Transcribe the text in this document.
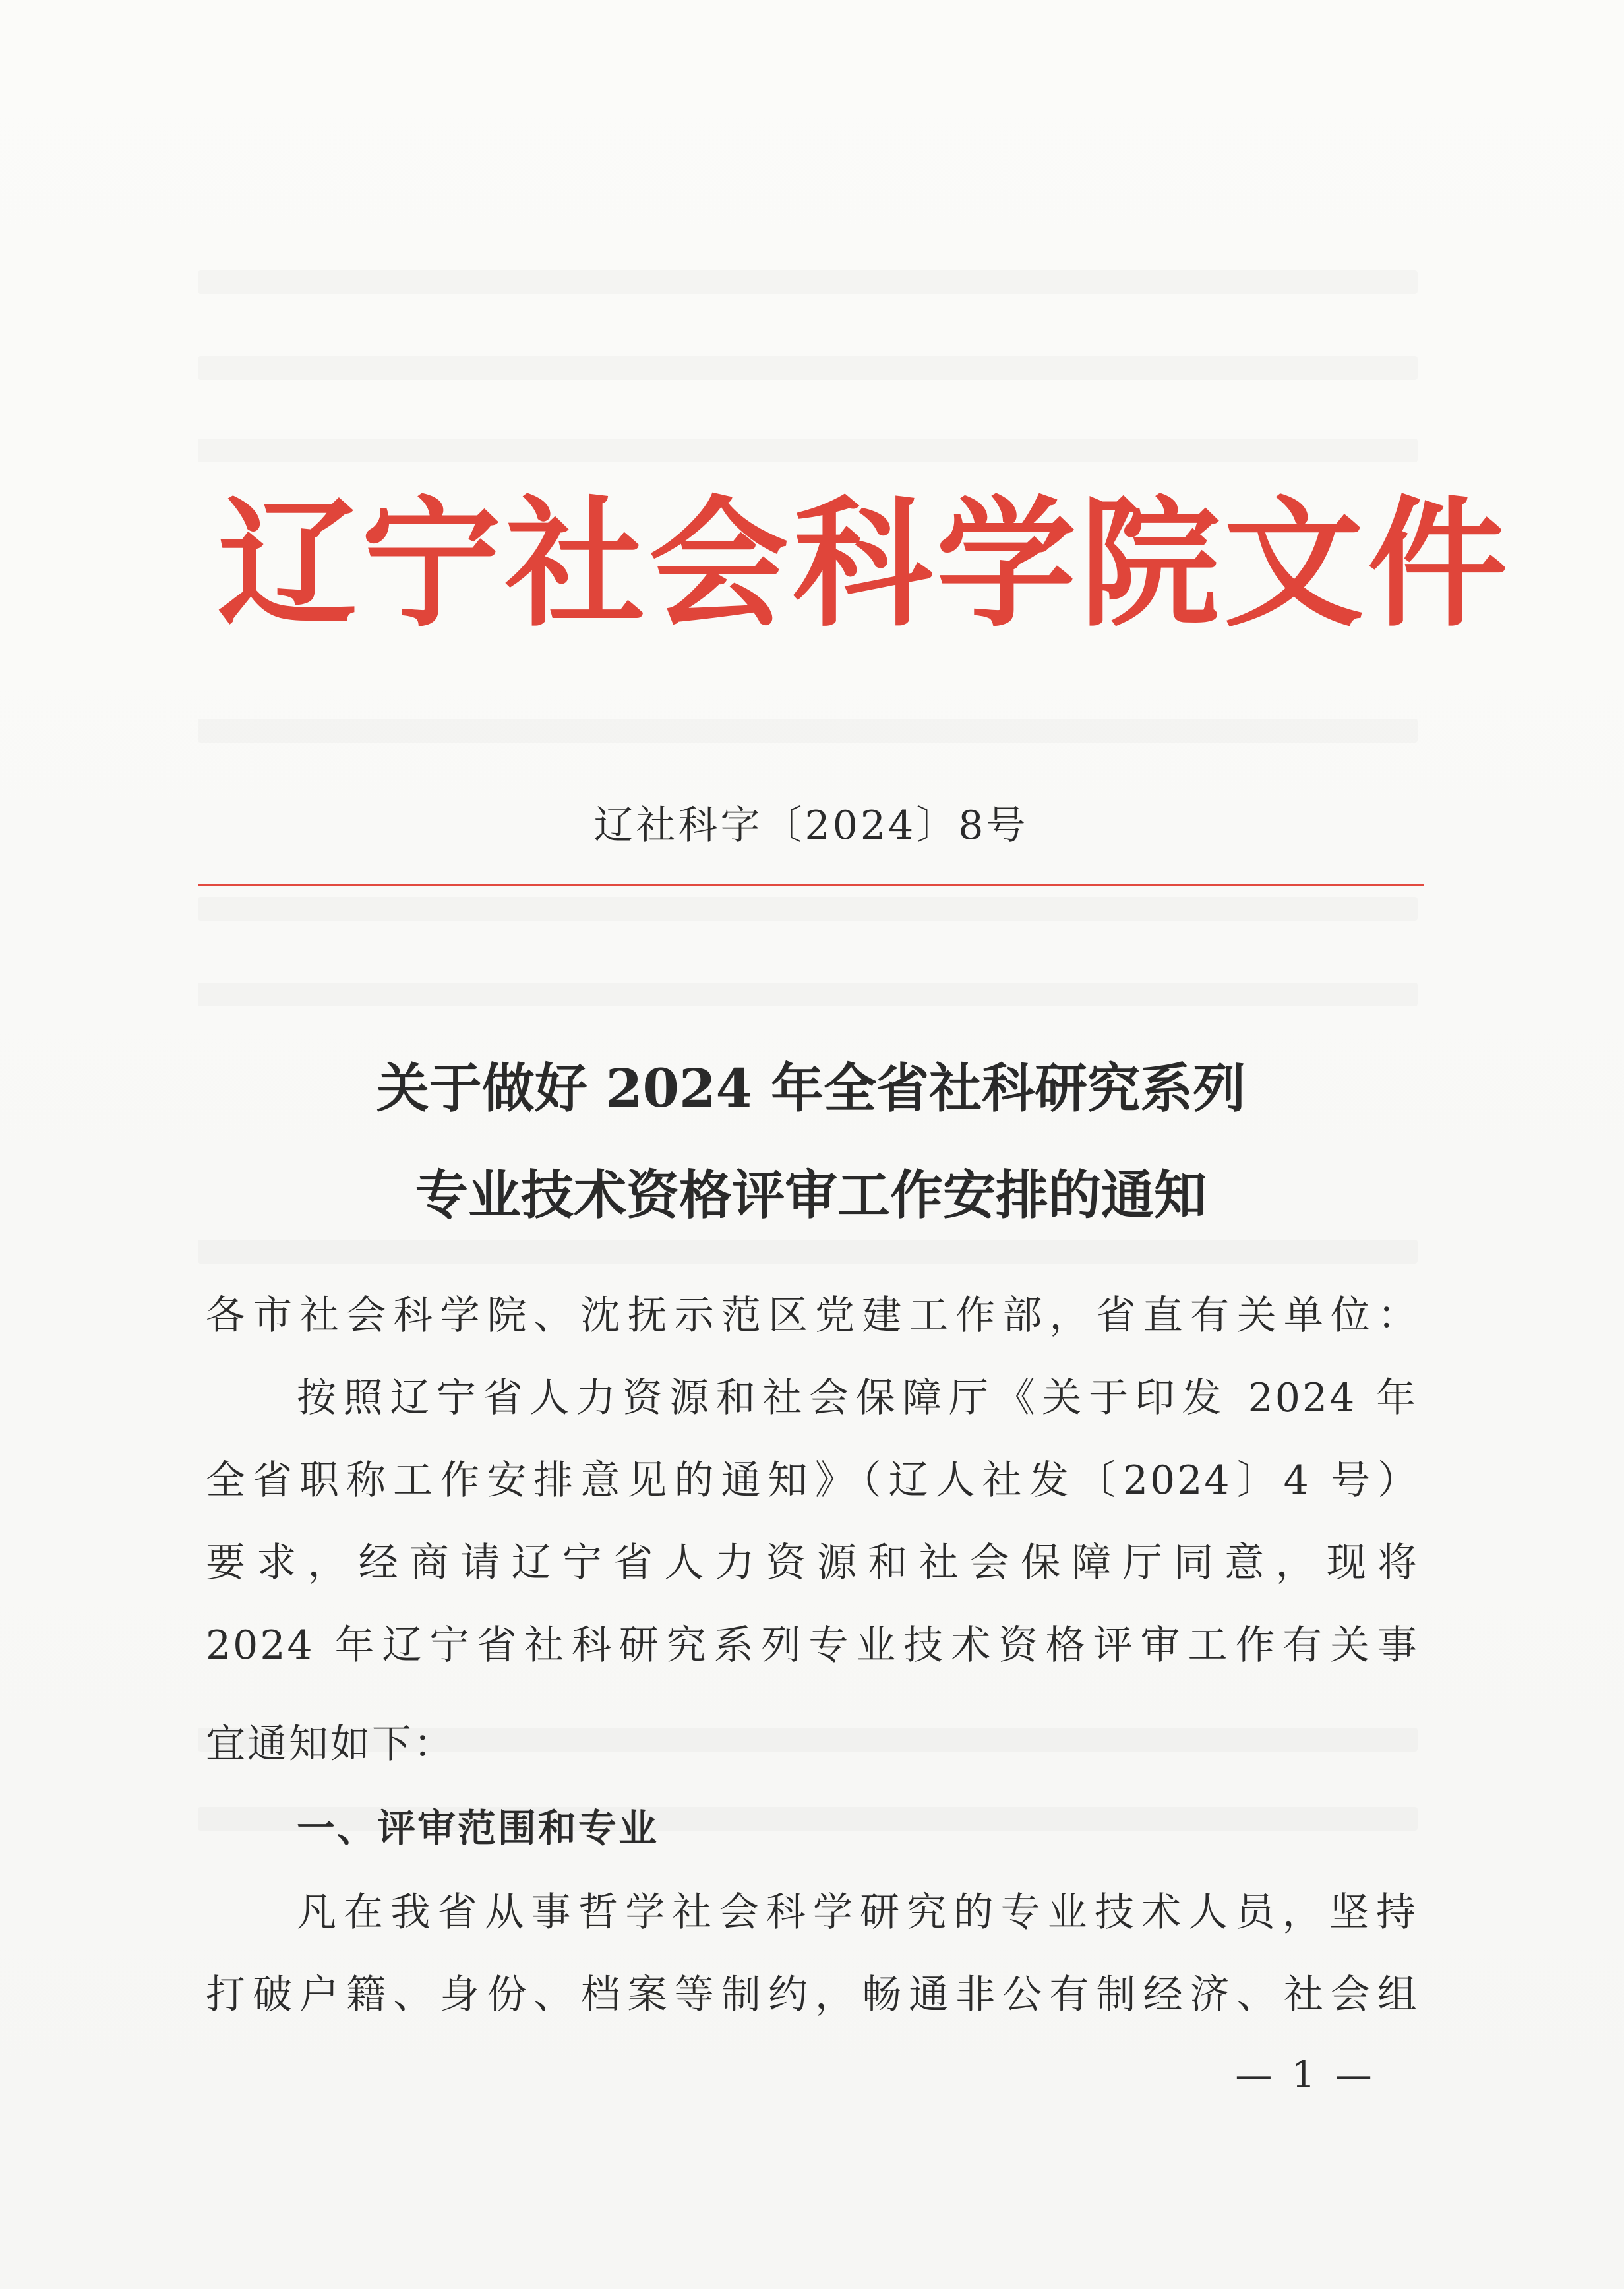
辽宁社会科学院文件
辽社科字〔2024〕8号
关于做好 2024 年全省社科研究系列
专业技术资格评审工作安排的通知
各市社会科学院、沈抚示范区党建工作部，省直有关单位：
按照辽宁省人力资源和社会保障厅《关于印发 2024 年
全省职称工作安排意见的通知》（辽人社发〔2024〕4 号）
要求，经商请辽宁省人力资源和社会保障厅同意，现将
2024 年辽宁省社科研究系列专业技术资格评审工作有关事
宜通知如下：
一、评审范围和专业
凡在我省从事哲学社会科学研究的专业技术人员，坚持
打破户籍、身份、档案等制约，畅通非公有制经济、社会组
— 1 —
